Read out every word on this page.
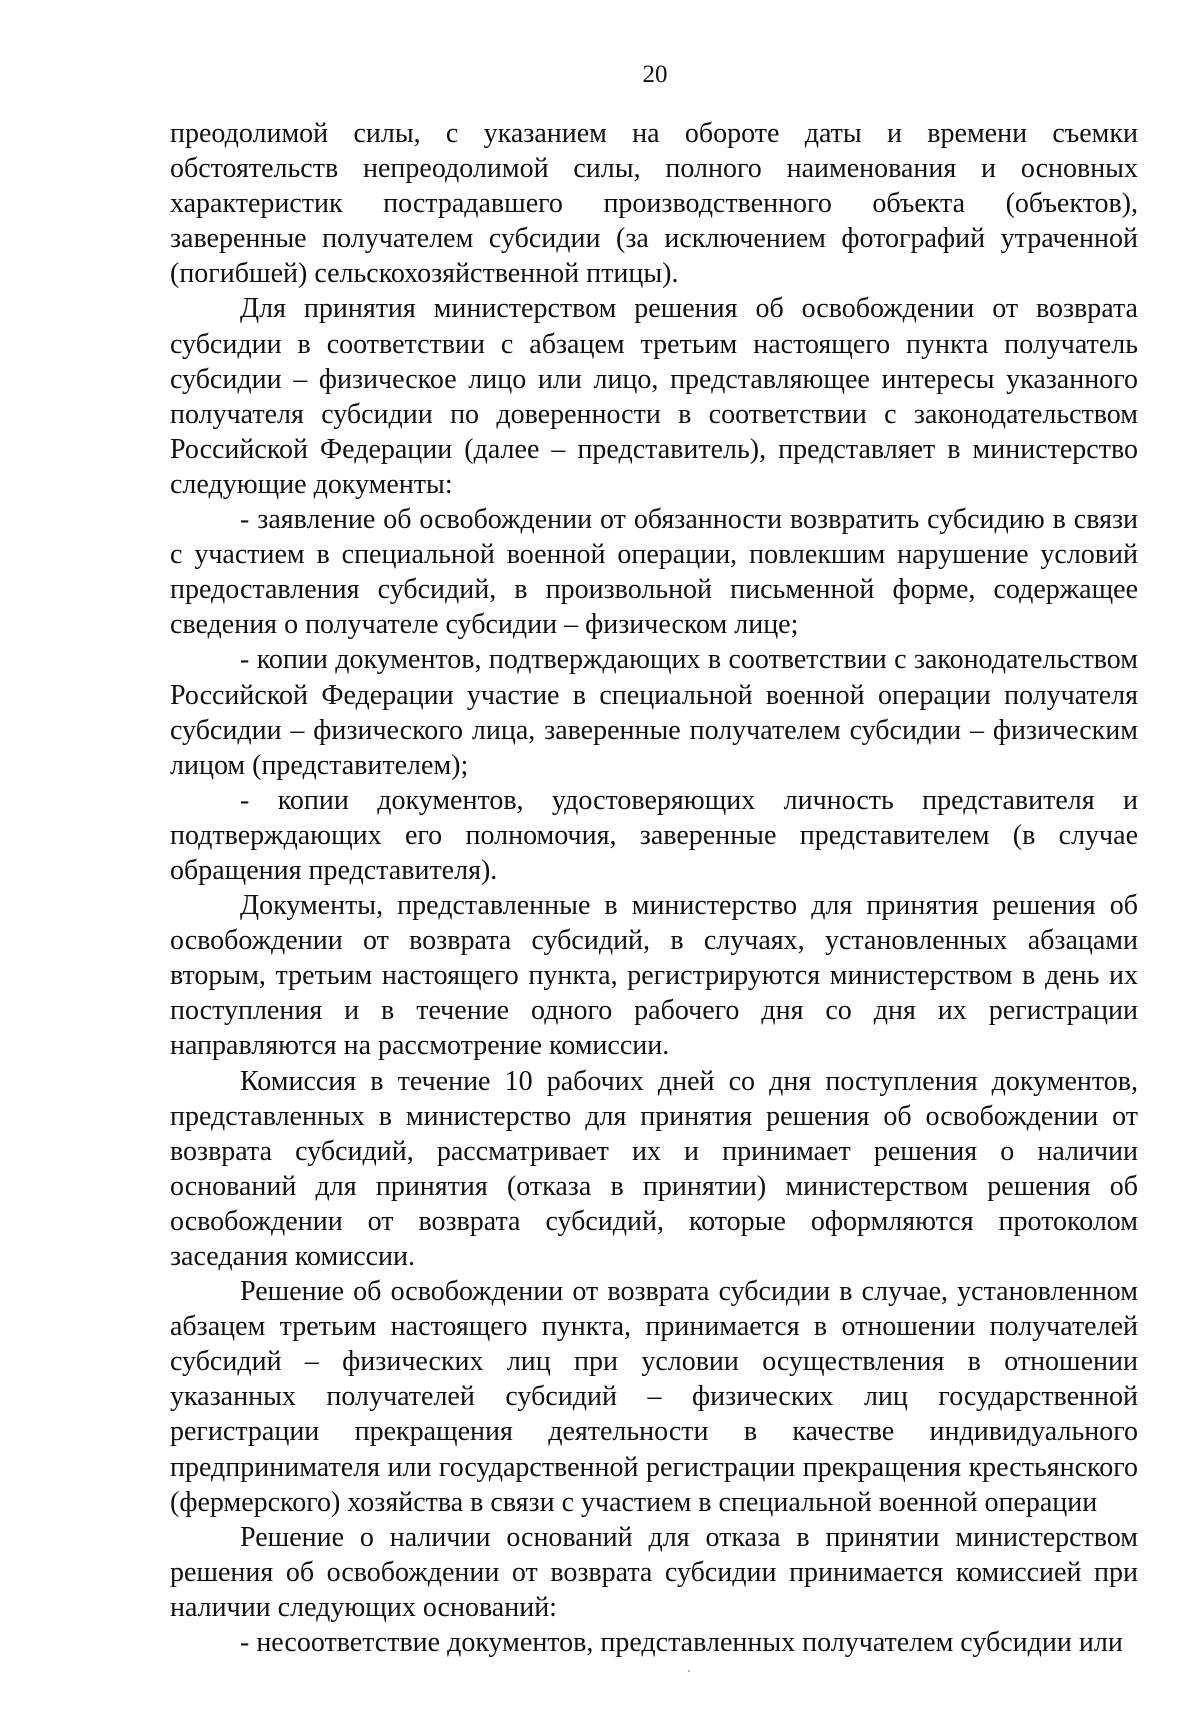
20

преодолимой силы, с указанием на обороте даты и времени съемки обстоятельств непреодолимой силы, полного наименования и основных характеристик пострадавшего производственного объекта (объектов), заверенные получателем субсидии (за исключением фотографий утраченной (погибшей) сельскохозяйственной птицы).

Для принятия министерством решения об освобождении от возврата субсидии в соответствии с абзацем третьим настоящего пункта получатель субсидии – физическое лицо или лицо, представляющее интересы указанного получателя субсидии по доверенности в соответствии с законодательством Российской Федерации (далее – представитель), представляет в министерство следующие документы:

- заявление об освобождении от обязанности возвратить субсидию в связи с участием в специальной военной операции, повлекшим нарушение условий предоставления субсидий, в произвольной письменной форме, содержащее сведения о получателе субсидии – физическом лице;

- копии документов, подтверждающих в соответствии с законодательством Российской Федерации участие в специальной военной операции получателя субсидии – физического лица, заверенные получателем субсидии – физическим лицом (представителем);

- копии документов, удостоверяющих личность представителя и подтверждающих его полномочия, заверенные представителем (в случае обращения представителя).

Документы, представленные в министерство для принятия решения об освобождении от возврата субсидий, в случаях, установленных абзацами вторым, третьим настоящего пункта, регистрируются министерством в день их поступления и в течение одного рабочего дня со дня их регистрации направляются на рассмотрение комиссии.

Комиссия в течение 10 рабочих дней со дня поступления документов, представленных в министерство для принятия решения об освобождении от возврата субсидий, рассматривает их и принимает решения о наличии оснований для принятия (отказа в принятии) министерством решения об освобождении от возврата субсидий, которые оформляются протоколом заседания комиссии.

Решение об освобождении от возврата субсидии в случае, установленном абзацем третьим настоящего пункта, принимается в отношении получателей субсидий – физических лиц при условии осуществления в отношении указанных получателей субсидий – физических лиц государственной регистрации прекращения деятельности в качестве индивидуального предпринимателя или государственной регистрации прекращения крестьянского (фермерского) хозяйства в связи с участием в специальной военной операции

Решение о наличии оснований для отказа в принятии министерством решения об освобождении от возврата субсидии принимается комиссией при наличии следующих оснований:

- несоответствие документов, представленных получателем субсидии или
